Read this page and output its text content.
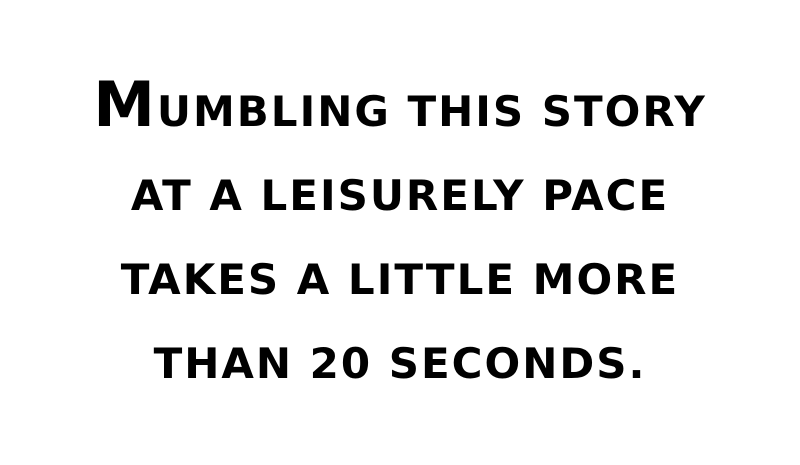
MUMBLING THIS STORY

AT A LEISURELY PACE

TAKES A LITTLE MORE

THAN 20 SECONDS.
